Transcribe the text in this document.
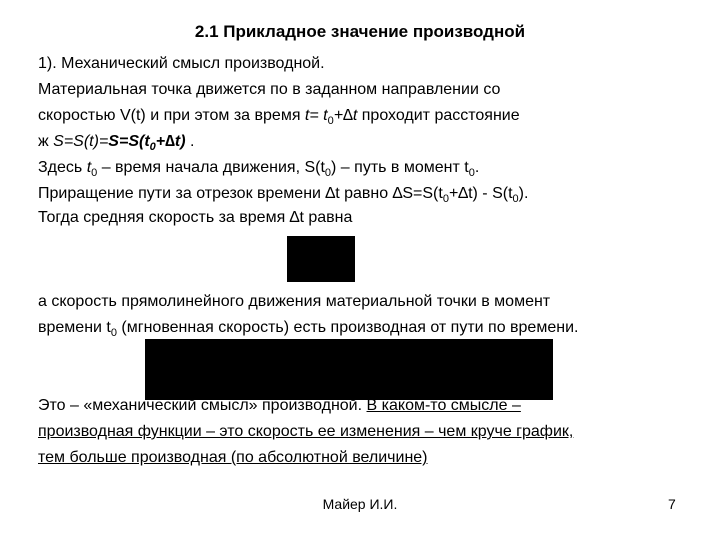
2.1 Прикладное значение производной
1). Механический смысл производной.
Материальная точка движется по в заданном направлении со
скоростью V(t) и при этом за время $t= t_0+\Delta t$ проходит расстояние
ж $S=S(t)=S=S(t_0+\Delta t)$ .
Здесь $t_0$ – время начала движения, $S(t_0)$ – путь в момент $t_0$.
Приращение пути за отрезок времени ∆t равно $\Delta S=S(t_0+\Delta t) - S(t_0)$.
Тогда средняя скорость за время ∆t равна
а скорость прямолинейного движения материальной точки в момент
времени $t_0$ (мгновенная скорость) есть производная от пути по времени.
Это – «механический смысл» производной. В каком-то смысле –
производная функции – это скорость ее изменения – чем круче график,
тем больше производная (по абсолютной величине)
Майер И.И.	7
